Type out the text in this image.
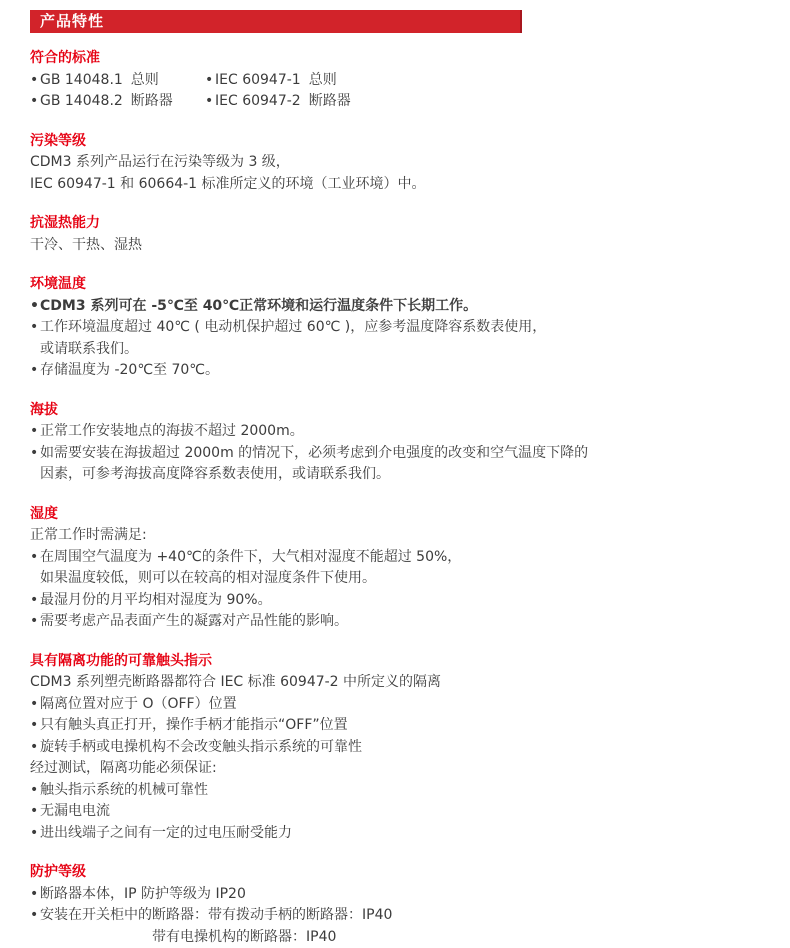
产品特性
符合的标准
• GB 14048.1 总则	• IEC 60947-1 总则
• GB 14048.2 断路器	• IEC 60947-2 断路器
污染等级

CDM3 系列产品运行在污染等级为 3 级，

IEC 60947-1 和 60664-1 标准所定义的环境（工业环境）中。

抗湿热能力

干冷、干热、湿热

环境温度

• CDM3 系列可在 -5℃至 40℃正常环境和运行温度条件下长期工作。

• 工作环境温度超过 40℃ ( 电动机保护超过 60℃ )，应参考温度降容系数表使用，

或请联系我们。

• 存储温度为 -20℃至 70℃。

海拔

• 正常工作安装地点的海拔不超过 2000m。

• 如需要安装在海拔超过 2000m 的情况下，必须考虑到介电强度的改变和空气温度下降的

因素，可参考海拔高度降容系数表使用，或请联系我们。

湿度

正常工作时需满足:

• 在周围空气温度为 +40℃的条件下，大气相对湿度不能超过 50%，

如果温度较低，则可以在较高的相对湿度条件下使用。

• 最湿月份的月平均相对湿度为 90%。

• 需要考虑产品表面产生的凝露对产品性能的影响。

具有隔离功能的可靠触头指示

CDM3 系列塑壳断路器都符合 IEC 标准 60947-2 中所定义的隔离

• 隔离位置对应于 O（OFF）位置

• 只有触头真正打开，操作手柄才能指示“OFF”位置

• 旋转手柄或电操机构不会改变触头指示系统的可靠性

经过测试，隔离功能必须保证:

• 触头指示系统的机械可靠性

• 无漏电电流

• 进出线端子之间有一定的过电压耐受能力

防护等级

• 断路器本体，IP 防护等级为 IP20

• 安装在开关柜中的断路器：带有拨动手柄的断路器：IP40

带有电操机构的断路器：IP40
